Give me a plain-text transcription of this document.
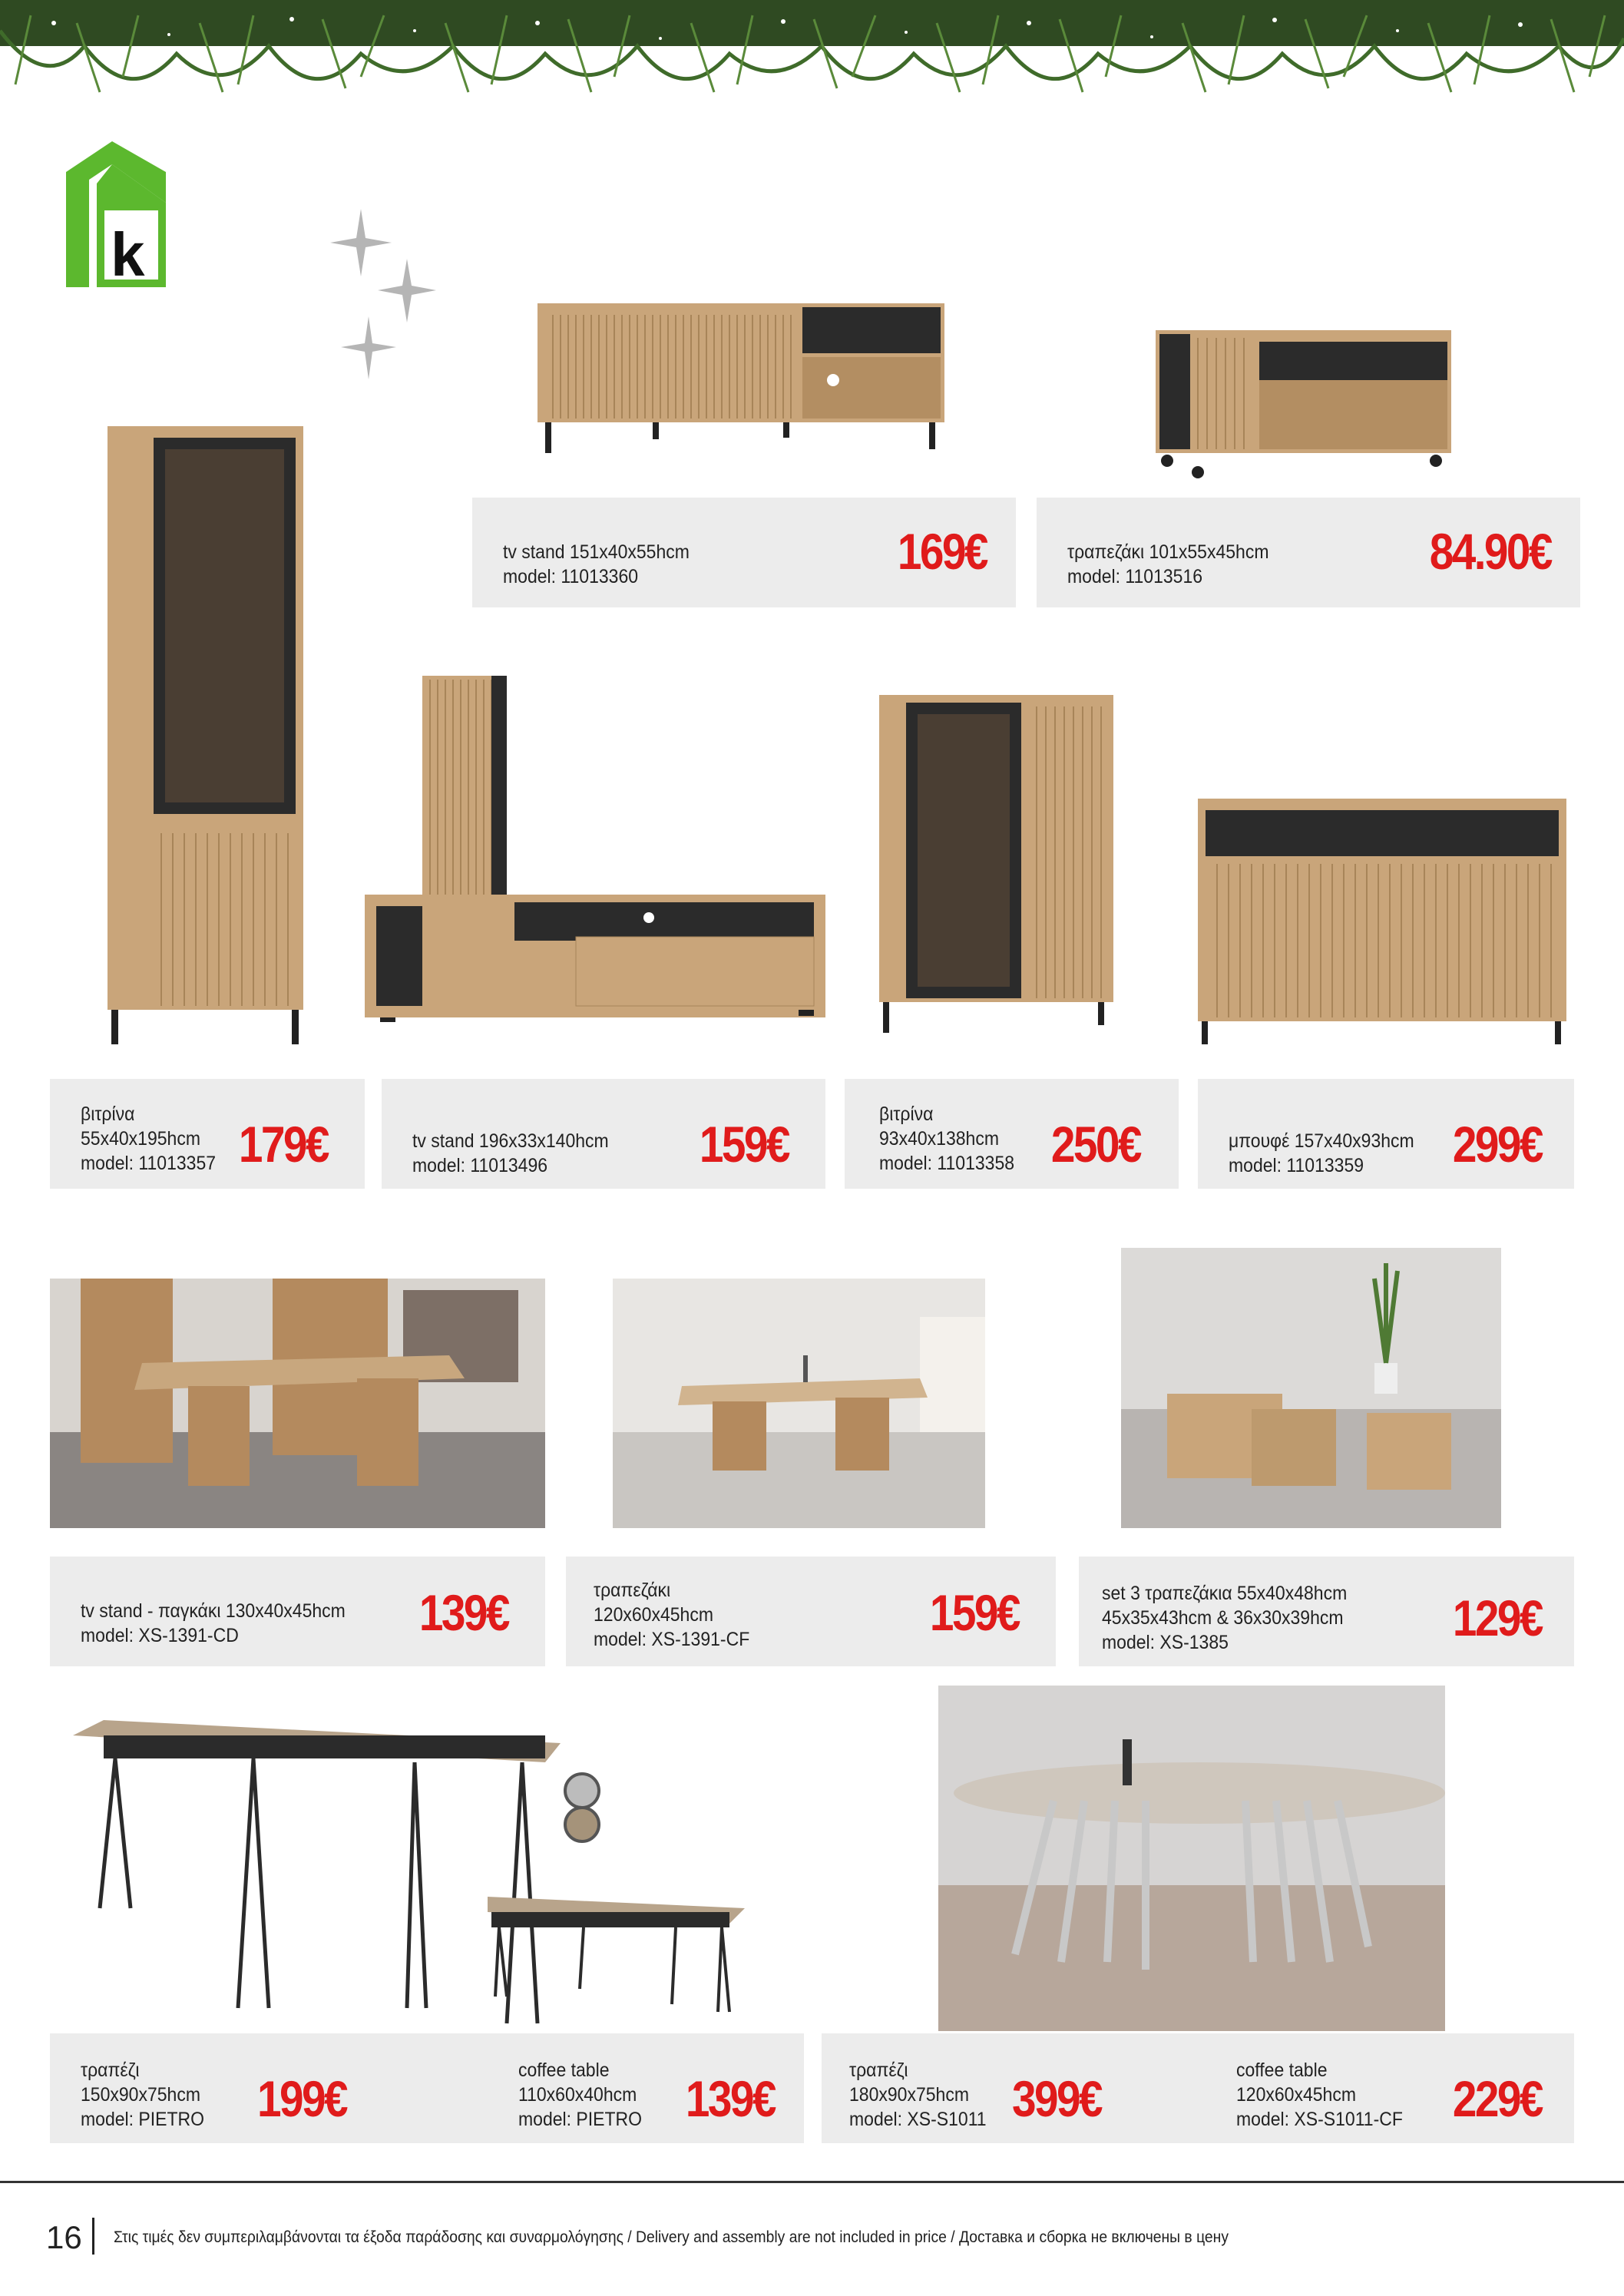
k
tv stand 151x40x55hcm
model: 11013360	169€	τραπεζάκι 101x55x45hcm
model: 11013516	84.90€
βιτρίνα
55x40x195hcm
model: 11013357 179€	tv stand 196x33x140hcm
model: 11013496	159€
βιτρίνα
93x40x138hcm
model: 11013358 250€	μπουφέ 157x40x93hcm
model: 11013359	299€
tv stand - παγκάκι 130x40x45hcm
model: XS-1391-CD	139€	τραπεζάκι
120x60x45hcm
model: XS-1391-CF	159€	set 3 τραπεζάκια 55x40x48hcm
45x35x43hcm & 36x30x39hcm
model: XS-1385	129€
τραπέζι
150x90x75hcm
model: PIETRO 199€	coffee table
110x60x40hcm
model: PIETRO 139€	τραπέζι
180x90x75hcm
model: XS-S1011 399€	coffee table
120x60x45hcm
model: XS-S1011-CF 229€
16 Στις τιμές δεν συμπεριλαμβάνονται τα έξοδα παράδοσης και συναρμολόγησης / Delivery and assembly are not included in price / Доставка и сборка не включены в цену
